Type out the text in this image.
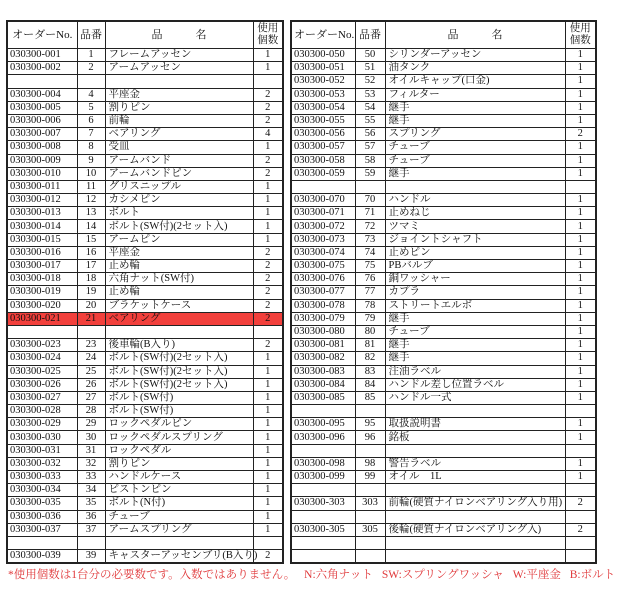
オーダーNo.	品番	品　　　名	使用
個数
030300-001	1	フレームアッセン	1
030300-002	2	アームアッセン	1

030300-004	4	平座金	2
030300-005	5	割りピン	2
030300-006	6	前輪	2
030300-007	7	ベアリング	4
030300-008	8	受皿	1
030300-009	9	アームバンド	2
030300-010	10	アームバンドピン	2
030300-011	11	グリスニップル	1
030300-012	12	カシメピン	1
030300-013	13	ボルト	1
030300-014	14	ボルト(SW付)(2セット入)	1
030300-015	15	アームピン	1
030300-016	16	平座金	2
030300-017	17	止め輪	2
030300-018	18	六角ナット(SW付)	2
030300-019	19	止め輪	2
030300-020	20	ブラケットケース	2
030300-021	21	ベアリング	2

030300-023	23	後車輪(B入り)	2
030300-024	24	ボルト(SW付)(2セット入)	1
030300-025	25	ボルト(SW付)(2セット入)	1
030300-026	26	ボルト(SW付)(2セット入)	1
030300-027	27	ボルト(SW付)	1
030300-028	28	ボルト(SW付)	1
030300-029	29	ロックペダルピン	1
030300-030	30	ロックペダルスプリング	1
030300-031	31	ロックペダル	1
030300-032	32	割りピン	1
030300-033	33	ハンドルケース	1
030300-034	34	ピストンピン	1
030300-035	35	ボルト(N付)	1
030300-036	36	チューブ	1
030300-037	37	アームスプリング	1

030300-039	39	キャスターアッセンブリ(B入り)	2
オーダーNo.	品番	品　　　名	使用
個数
030300-050	50	シリンダーアッセン	1
030300-051	51	油タンク	1
030300-052	52	オイルキャップ(口金)	1
030300-053	53	フィルター	1
030300-054	54	継手	1
030300-055	55	継手	1
030300-056	56	スプリング	2
030300-057	57	チューブ	1
030300-058	58	チューブ	1
030300-059	59	継手	1

030300-070	70	ハンドル	1
030300-071	71	止めねじ	1
030300-072	72	ツマミ	1
030300-073	73	ジョイントシャフト	1
030300-074	74	止めピン	1
030300-075	75	PBバルブ	1
030300-076	76	銅ワッシャー	1
030300-077	77	カプラ	1
030300-078	78	ストリートエルボ	1
030300-079	79	継手	1
030300-080	80	チューブ	1
030300-081	81	継手	1
030300-082	82	継手	1
030300-083	83	注油ラベル	1
030300-084	84	ハンドル差し位置ラベル	1
030300-085	85	ハンドル一式	1

030300-095	95	取扱説明書	1
030300-096	96	銘板	1

030300-098	98	警告ラベル	1
030300-099	99	オイル　1L	1

030300-303	303	前輪(硬質ナイロンベアリング入り用)	2

030300-305	305	後輪(硬質ナイロンベアリング入)	2

*使用個数は1台分の必要数です。入数ではありません。 N:六角ナット SW:スプリングワッシャ W:平座金 B:ボルト
